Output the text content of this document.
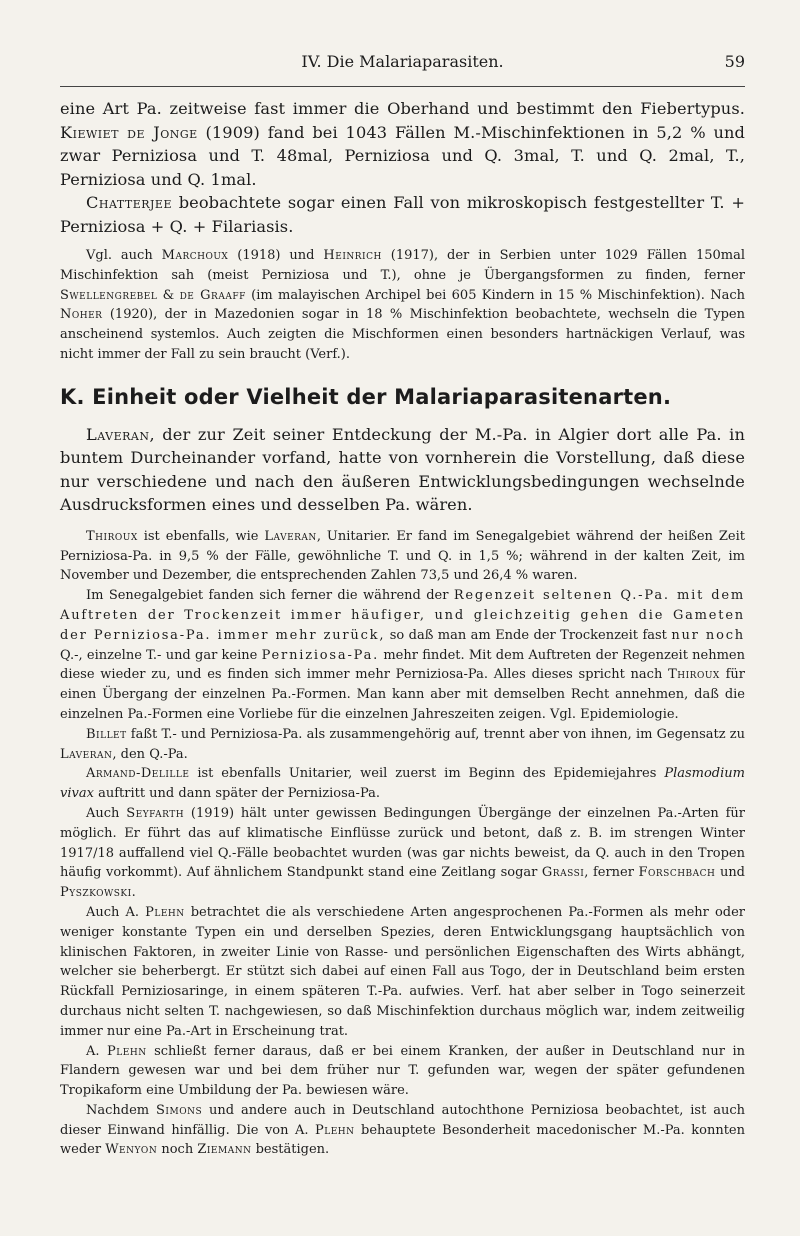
IV. Die Malariaparasiten.	59

eine Art Pa. zeitweise fast immer die Oberhand und bestimmt den Fiebertypus. Kiewiet de Jonge (1909) fand bei 1043 Fällen M.-Mischinfektionen in 5,2 % und zwar Perniziosa und T. 48mal, Perniziosa und Q. 3mal, T. und Q. 2mal, T., Perniziosa und Q. 1mal.

Chatterjee beobachtete sogar einen Fall von mikroskopisch festgestellter T. + Perniziosa + Q. + Filariasis.

Vgl. auch Marchoux (1918) und Heinrich (1917), der in Serbien unter 1029 Fällen 150mal Mischinfektion sah (meist Perniziosa und T.), ohne je Übergangsformen zu finden, ferner Swellengrebel & de Graaff (im malayischen Archipel bei 605 Kindern in 15 % Mischinfektion). Nach Noher (1920), der in Mazedonien sogar in 18 % Mischinfektion beobachtete, wechseln die Typen anscheinend systemlos. Auch zeigten die Mischformen einen besonders hartnäckigen Verlauf, was nicht immer der Fall zu sein braucht (Verf.).

K. Einheit oder Vielheit der Malariaparasitenarten.

Laveran, der zur Zeit seiner Entdeckung der M.-Pa. in Algier dort alle Pa. in buntem Durcheinander vorfand, hatte von vornherein die Vorstellung, daß diese nur verschiedene und nach den äußeren Entwicklungsbedingungen wechselnde Ausdrucksformen eines und desselben Pa. wären.

Thiroux ist ebenfalls, wie Laveran, Unitarier. Er fand im Senegalgebiet während der heißen Zeit Perniziosa-Pa. in 9,5 % der Fälle, gewöhnliche T. und Q. in 1,5 %; während in der kalten Zeit, im November und Dezember, die entsprechenden Zahlen 73,5 und 26,4 % waren.

Im Senegalgebiet fanden sich ferner die während der Regenzeit seltenen Q.-Pa. mit dem Auftreten der Trockenzeit immer häufiger, und gleichzeitig gehen die Gameten der Perniziosa-Pa. immer mehr zurück, so daß man am Ende der Trockenzeit fast nur noch Q.-, einzelne T.- und gar keine Perniziosa-Pa. mehr findet. Mit dem Auftreten der Regenzeit nehmen diese wieder zu, und es finden sich immer mehr Perniziosa-Pa. Alles dieses spricht nach Thiroux für einen Übergang der einzelnen Pa.-Formen. Man kann aber mit demselben Recht annehmen, daß die einzelnen Pa.-Formen eine Vorliebe für die einzelnen Jahreszeiten zeigen. Vgl. Epidemiologie.

Billet faßt T.- und Perniziosa-Pa. als zusammengehörig auf, trennt aber von ihnen, im Gegensatz zu Laveran, den Q.-Pa.

Armand-Delille ist ebenfalls Unitarier, weil zuerst im Beginn des Epidemiejahres Plasmodium vivax auftritt und dann später der Perniziosa-Pa.

Auch Seyfarth (1919) hält unter gewissen Bedingungen Übergänge der einzelnen Pa.-Arten für möglich. Er führt das auf klimatische Einflüsse zurück und betont, daß z. B. im strengen Winter 1917/18 auffallend viel Q.-Fälle beobachtet wurden (was gar nichts beweist, da Q. auch in den Tropen häufig vorkommt). Auf ähnlichem Standpunkt stand eine Zeitlang sogar Grassi, ferner Forschbach und Pyszkowski.

Auch A. Plehn betrachtet die als verschiedene Arten angesprochenen Pa.-Formen als mehr oder weniger konstante Typen ein und derselben Spezies, deren Entwicklungsgang hauptsächlich von klinischen Faktoren, in zweiter Linie von Rasse- und persönlichen Eigenschaften des Wirts abhängt, welcher sie beherbergt. Er stützt sich dabei auf einen Fall aus Togo, der in Deutschland beim ersten Rückfall Perniziosaringe, in einem späteren T.-Pa. aufwies. Verf. hat aber selber in Togo seinerzeit durchaus nicht selten T. nachgewiesen, so daß Mischinfektion durchaus möglich war, indem zeitweilig immer nur eine Pa.-Art in Erscheinung trat.

A. Plehn schließt ferner daraus, daß er bei einem Kranken, der außer in Deutschland nur in Flandern gewesen war und bei dem früher nur T. gefunden war, wegen der später gefundenen Tropikaform eine Umbildung der Pa. bewiesen wäre.

Nachdem Simons und andere auch in Deutschland autochthone Perniziosa beobachtet, ist auch dieser Einwand hinfällig. Die von A. Plehn behauptete Besonderheit macedonischer M.-Pa. konnten weder Wenyon noch Ziemann bestätigen.
